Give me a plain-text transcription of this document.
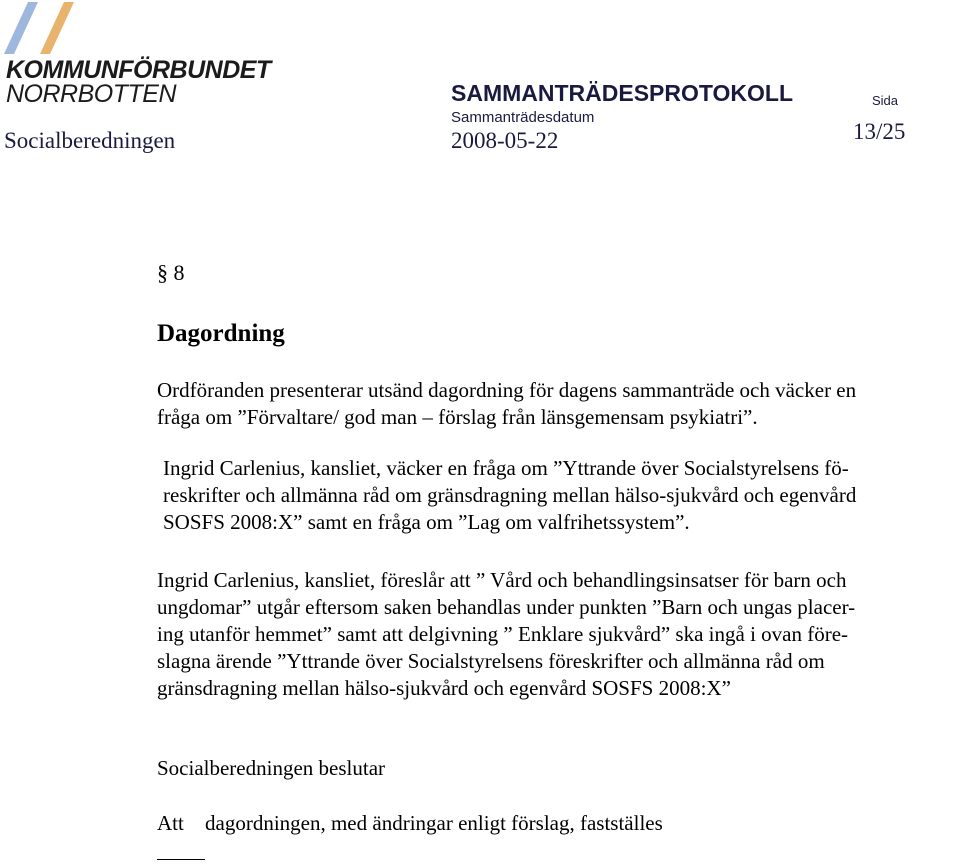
KOMMUNFÖRBUNDET
NORRBOTTEN	SAMMANTRÄDESPROTOKOLL	Sida
Sammanträdesdatum
Socialberedningen	2008-05-22	13/25
§ 8
Dagordning
Ordföranden presenterar utsänd dagordning för dagens sammanträde och väcker en
fråga om ”Förvaltare/ god man – förslag från länsgemensam psykiatri”.
Ingrid Carlenius, kansliet, väcker en fråga om ”Yttrande över Socialstyrelsens fö-
reskrifter och allmänna råd om gränsdragning mellan hälso-sjukvård och egenvård
SOSFS 2008:X” samt en fråga om ”Lag om valfrihetssystem”.
Ingrid Carlenius, kansliet, föreslår att ” Vård och behandlingsinsatser för barn och
ungdomar” utgår eftersom saken behandlas under punkten ”Barn och ungas placer-
ing utanför hemmet” samt att delgivning ” Enklare sjukvård” ska ingå i ovan före-
slagna ärende ”Yttrande över Socialstyrelsens föreskrifter och allmänna råd om
gränsdragning mellan hälso-sjukvård och egenvård SOSFS 2008:X”
Socialberedningen beslutar
Att dagordningen, med ändringar enligt förslag, fastställes
